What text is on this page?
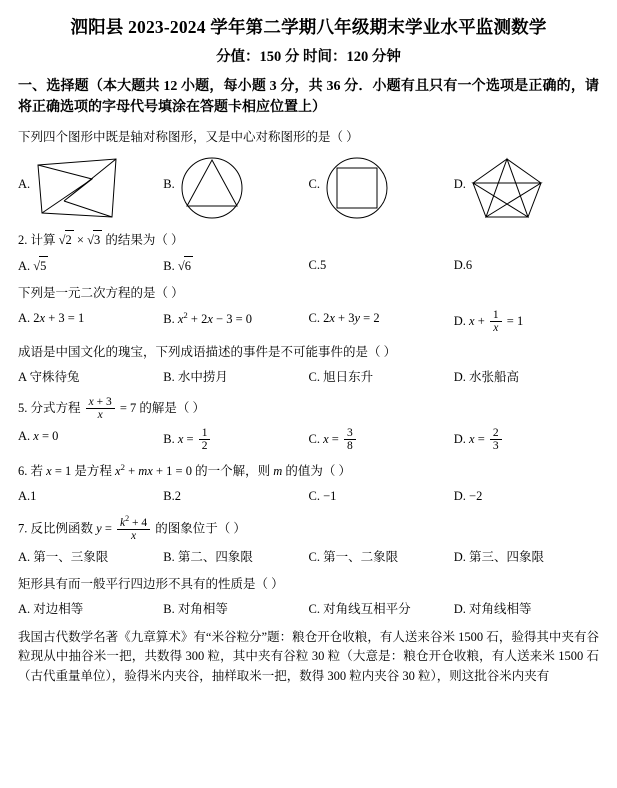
泗阳县 2023-2024 学年第二学期八年级期末学业水平监测数学
分值：150 分 时间：120 分钟
一、选择题（本大题共 12 小题，每小题 3 分，共 36 分．小题有且只有一个选项是正确的，请将正确选项的字母代号填涂在答题卡相应位置上）
下列四个图形中既是轴对称图形，又是中心对称图形的是（ ）
A.	B.	C.	D.
2. 计算 √2 × √3 的结果为（ ）
A. √5	B. √6	C.5	D.6
下列是一元二次方程的是（ ）
A. 2x + 3 = 1	B. $x^2 + 2x - 3 = 0$	C. 2x + 3y = 2	D. $x + \frac{1}{x} = 1$
成语是中国文化的瑰宝，下列成语描述的事件是不可能事件的是（ ）
A 守株待兔	B. 水中捞月	C. 旭日东升	D. 水张船高
5. 分式方程 $\frac{x + 3}{x} = 7$ 的解是（ ）
A. x = 0	B. $x = \frac{1}{2}$	C. $x = \frac{3}{8}$	D. $x = \frac{2}{3}$
6. 若 x = 1 是方程 $x^2$ + mx + 1 = 0 的一个解，则 m 的值为（ ）
A.1	B.2	C. −1	D. −2
7. 反比例函数 $y = \frac{k^2 + 4}{x}$ 的图象位于（ ）
A. 第一、三象限	B. 第二、四象限	C. 第一、二象限	D. 第三、四象限
矩形具有而一般平行四边形不具有的性质是（ ）
A. 对边相等	B. 对角相等	C. 对角线互相平分	D. 对角线相等
我国古代数学名著《九章算术》有“米谷粒分”题：粮仓开仓收粮，有人送来谷米 1500 石，验得其中夹有谷粒现从中抽谷米一把，共数得 300 粒，其中夹有谷粒 30 粒（大意是：粮仓开仓收粮，有人送来米 1500 石（古代重量单位），验得米内夹谷，抽样取米一把，数得 300 粒内夹谷 30 粒），则这批谷米内夹有
